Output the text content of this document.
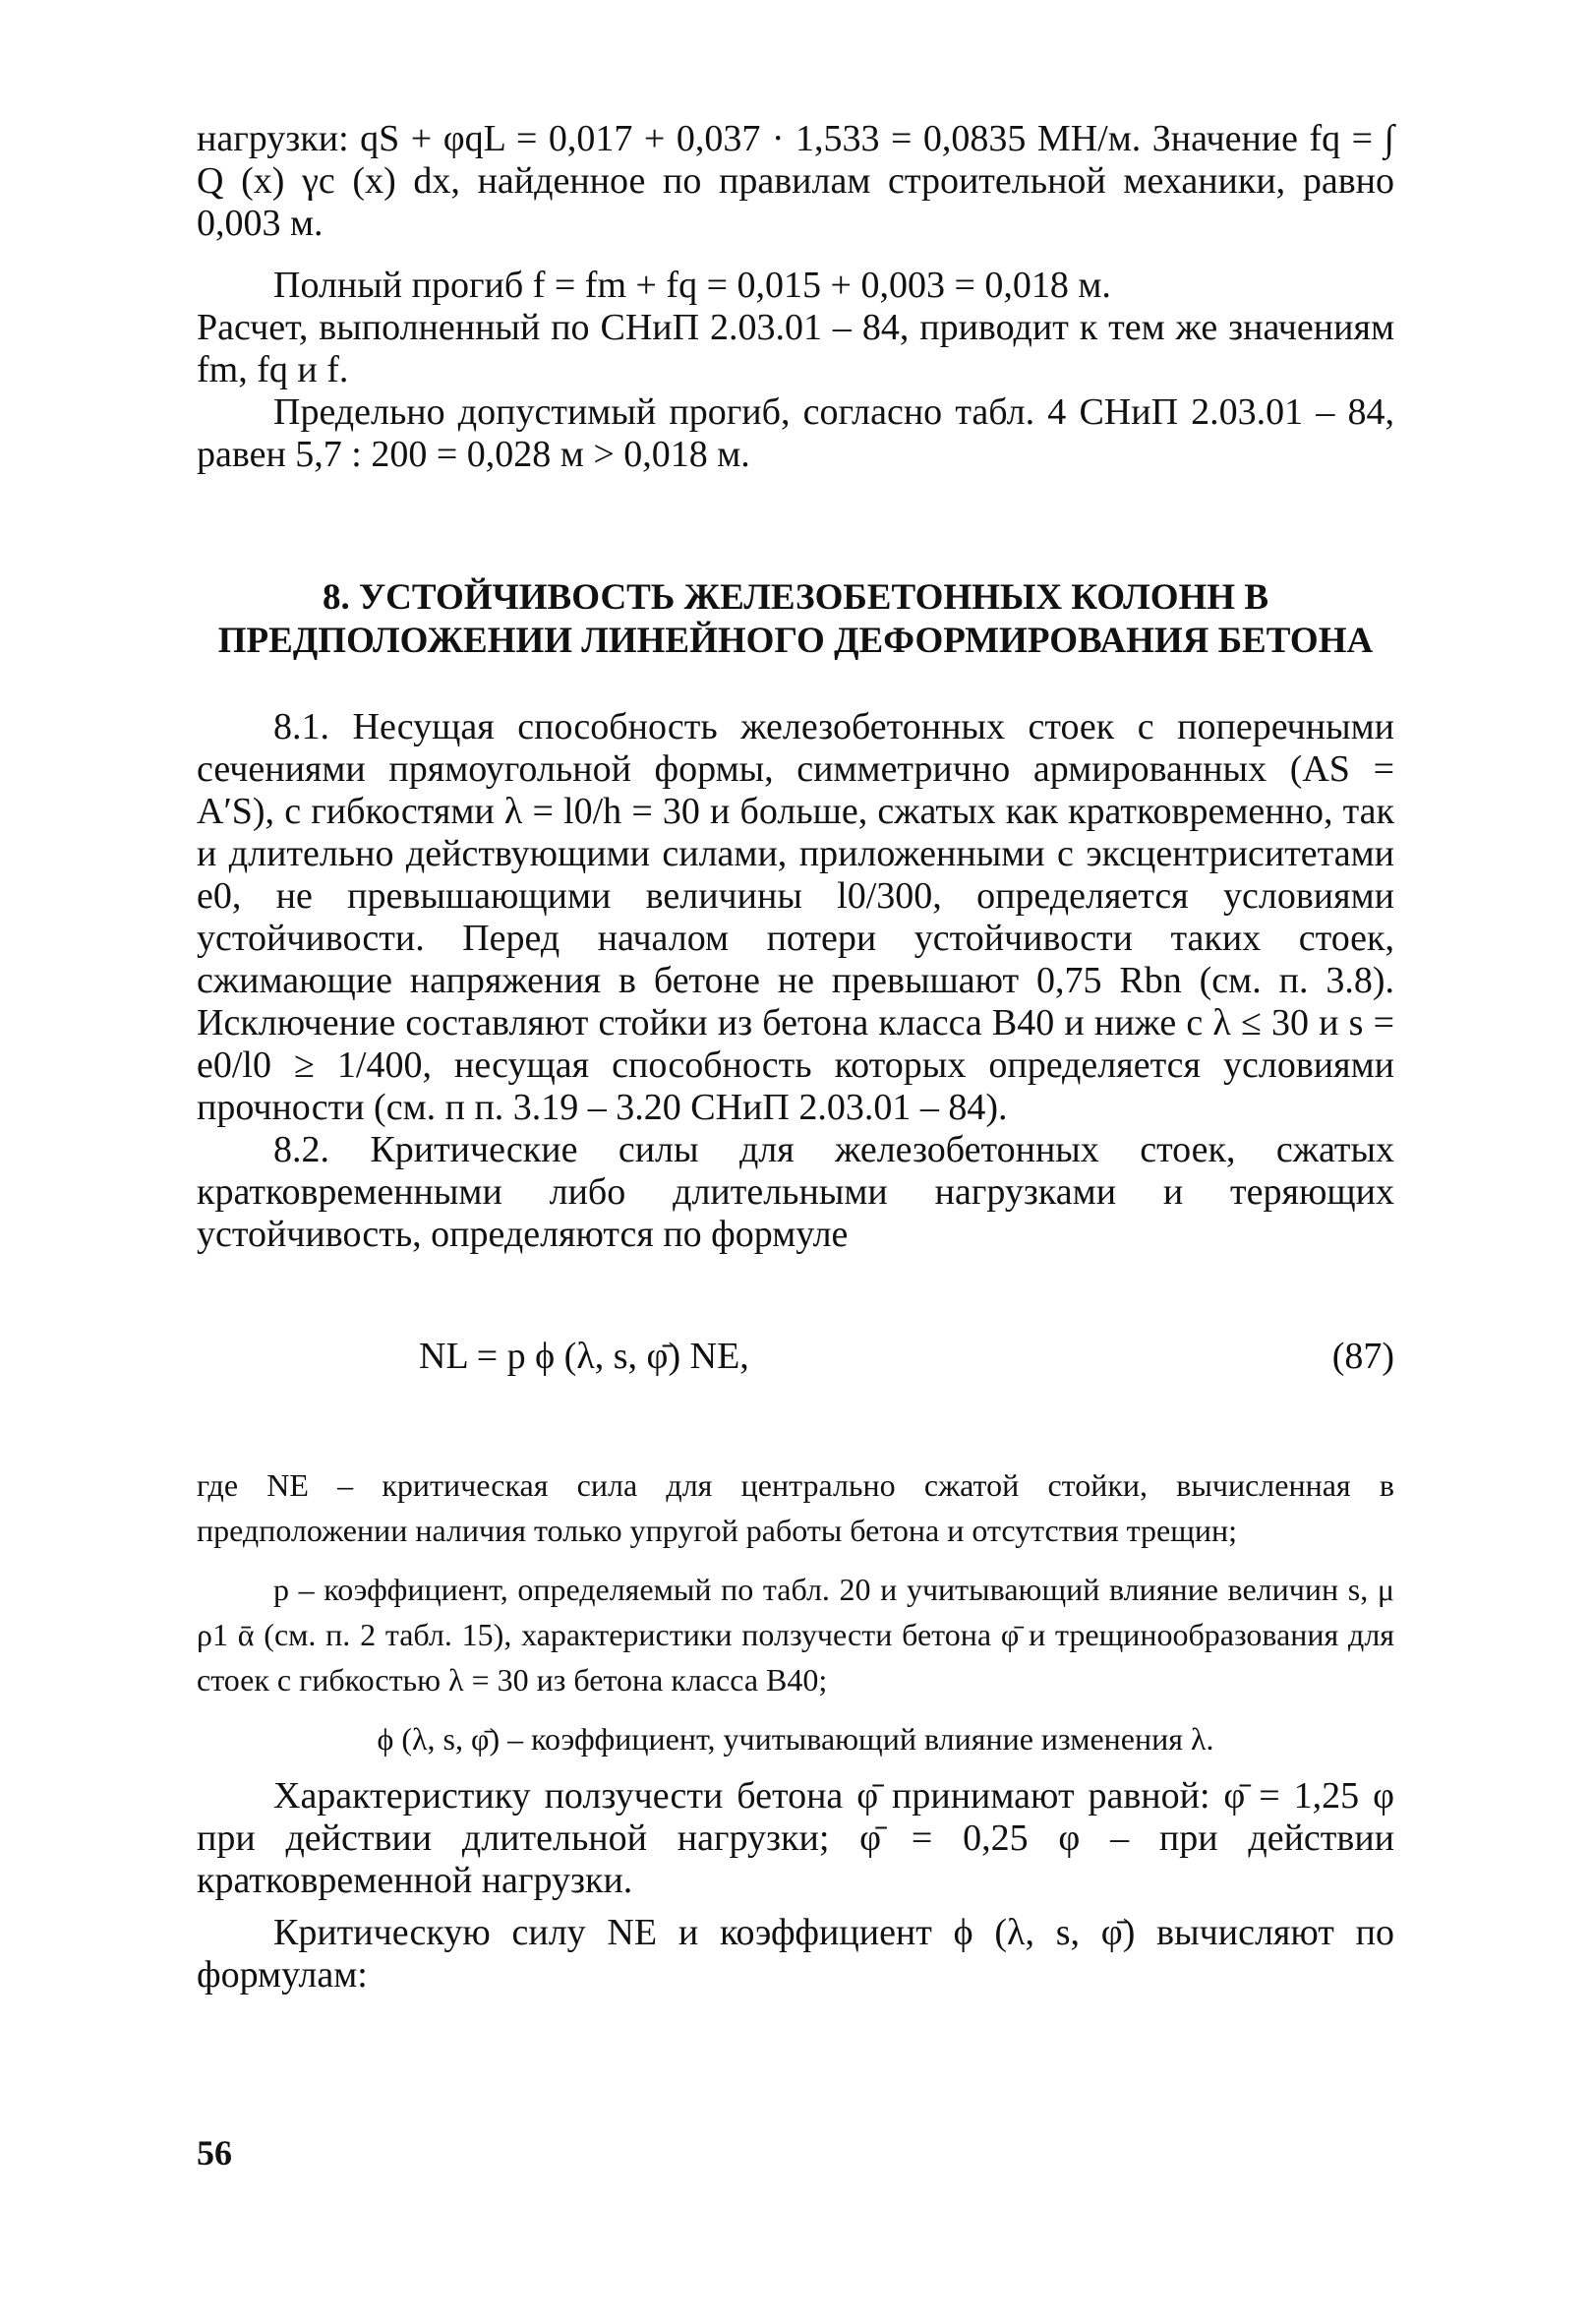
нагрузки: qS + φqL = 0,017 + 0,037 · 1,533 = 0,0835 МН/м. Значение fq = ∫ Q (x) γc (x) dx, найденное по правилам строительной механики, равно 0,003 м.

Полный прогиб f = fm + fq = 0,015 + 0,003 = 0,018 м.

Расчет, выполненный по СНиП 2.03.01 – 84, приводит к тем же значениям fm, fq и f.

Предельно допустимый прогиб, согласно табл. 4 СНиП 2.03.01 – 84, равен 5,7 : 200 = 0,028 м > 0,018 м.

8. УСТОЙЧИВОСТЬ ЖЕЛЕЗОБЕТОННЫХ КОЛОНН В
ПРЕДПОЛОЖЕНИИ ЛИНЕЙНОГО ДЕФОРМИРОВАНИЯ БЕТОНА

8.1. Несущая способность железобетонных стоек с поперечными сечениями прямоугольной формы, симметрично армированных (AS = A′S), с гибкостями λ = l0/h = 30 и больше, сжатых как кратковременно, так и длительно действующими силами, приложенными с эксцентриситетами e0, не превышающими величины l0/300, определяется условиями устойчивости. Перед началом потери устойчивости таких стоек, сжимающие напряжения в бетоне не превышают 0,75 Rbn (см. п. 3.8). Исключение составляют стойки из бетона класса В40 и ниже с λ ≤ 30 и s = e0/l0 ≥ 1/400, несущая способность которых определяется условиями прочности (см. п п. 3.19 – 3.20 СНиП 2.03.01 – 84).

8.2. Критические силы для железобетонных стоек, сжатых кратковременными либо длительными нагрузками и теряющих устойчивость, определяются по формуле

NL = p ϕ (λ, s, φ̄) NE,	(87)

где NE – критическая сила для центрально сжатой стойки, вычисленная в предположении наличия только упругой работы бетона и отсутствия трещин;

p – коэффициент, определяемый по табл. 20 и учитывающий влияние величин s, μ ρ1 ᾱ (см. п. 2 табл. 15), характеристики ползучести бетона φ̄ и трещинообразования для стоек с гибкостью λ = 30 из бетона класса В40;

ϕ (λ, s, φ̄) – коэффициент, учитывающий влияние изменения λ.

Характеристику ползучести бетона φ̄ принимают равной: φ̄ = 1,25 φ при действии длительной нагрузки; φ̄ = 0,25 φ – при действии кратковременной нагрузки.

Критическую силу NE и коэффициент ϕ (λ, s, φ̄) вычисляют по формулам:

56
